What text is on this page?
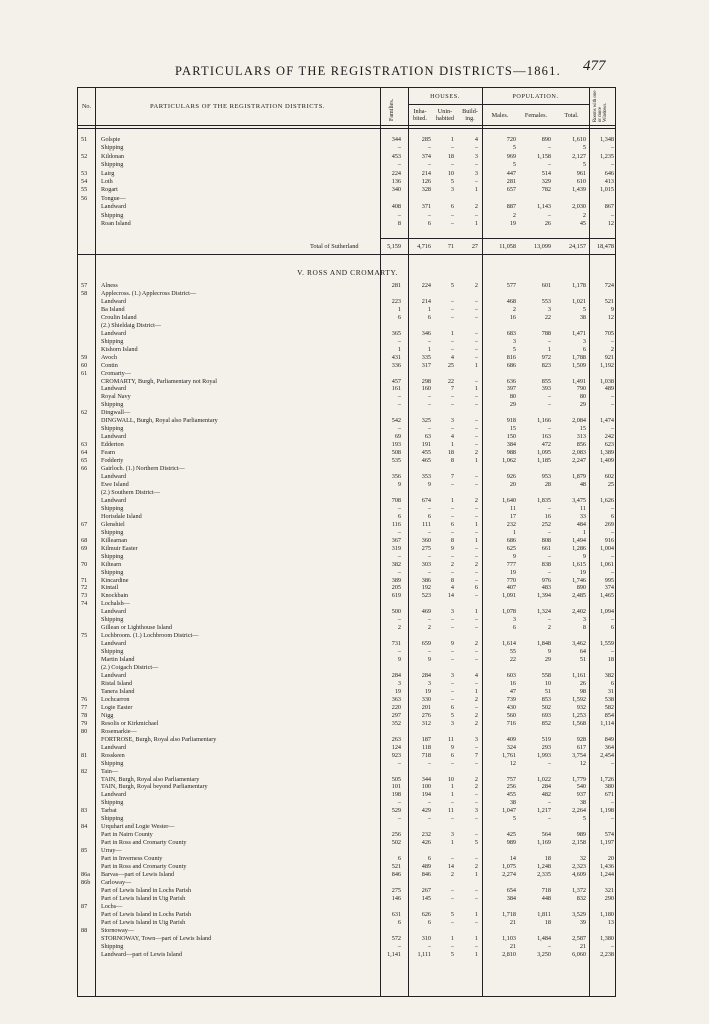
PARTICULARS OF THE REGISTRATION DISTRICTS—1861. 477
No.	PARTICULARS OF THE REGISTRATION DISTRICTS.	Families.
HOUSES.
Inha- bited.
Unin- habited
Build- ing.
POPULATION.
Males.	Females.	Total.	Rooms with one or more Windows.
51 Golspie	344	285	1	4	720	890	1,610 1,348
Shipping	–	–	–	–	5	–	5	–
52 Kildonan	453	374	18	3	969	1,158	2,127 1,235
Shipping	–	–	–	–	5	–	5	–
53 Lairg	224	214	10	3	447	514	961	646
54 Loth	136	126	5	–	281	329	610	413
55 Rogart	340	328	3	1	657	782	1,439 1,015
56 Tongue—
Landward	408	371	6	2	887	1,143	2,030	867
Shipping	–	–	–	–	2	–	2	–
Roan Island	8	6	–	1	19	26	45	12
Total of Sutherland	5,159	4,716	71	27	11,058	13,099	24,157 18,478
V. ROSS AND CROMARTY.
57 Alness	281	224	5	2	577	601	1,178	724
58 Applecross. (1.) Applecross District—
Landward	223	214	–	–	468	553	1,021	521
Ba Island	1	1	–	–	2	3	5	9
Croulin Island	6	6	–	–	16	22	38	12
(2.) Shieldaig District—
Landward	365	346	1	–	683	788	1,471	705
Shipping	–	–	–	–	3	–	3	–
Kishorn Island	1	1	–	–	5	1	6	2
59 Avoch	431	335	4	–	816	972	1,788	921
60 Contin	336	317	25	1	686	823	1,509 1,192
61 Cromarty—
CROMARTY, Burgh, Parliamentary not Royal	457	298	22	–	636	855	1,491 1,038
Landward	161	160	7	1	397	393	790	489
Royal Navy	–	–	–	–	80	–	80	–
Shipping	–	–	–	–	29	–	29	–
62 Dingwall—
DINGWALL, Burgh, Royal also Parliamentary	542	325	3	–	918	1,166	2,084 1,474
Shipping	–	–	–	–	15	–	15	–
Landward	69	63	4	–	150	163	313	242
63 Edderton	193	191	1	–	384	472	856	623
64 Fearn	508	455	18	2	988	1,095	2,083 1,389
65 Fodderty	535	465	8	1	1,062	1,185	2,247 1,409
66 Gairloch. (1.) Northern District—
Landward	356	353	7	–	926	953	1,879	602
Ewe Island	9	9	–	–	20	28	48	25
(2.) Southern District—
Landward	708	674	1	2	1,640	1,835	3,475 1,626
Shipping	–	–	–	–	11	–	11	–
Horisdale Island	6	6	–	–	17	16	33	6
67 Glenshiel	116	111	6	1	232	252	484	269
Shipping	–	–	–	–	1	–	1	–
68 Killearnan	367	360	8	1	686	808	1,494	916
69 Kilmuir Easter	319	275	9	–	625	661	1,286 1,004
Shipping	–	–	–	–	9	–	9	–
70 Kiltearn	382	303	2	2	777	838	1,615 1,061
Shipping	–	–	–	–	19	–	19	–
71 Kincardine	389	386	8	–	770	976	1,746	995
72 Kintail	205	192	4	6	407	483	890	374
73 Knockbain	619	523	14	–	1,091	1,394	2,485 1,465
74 Lochalsh—
Landward	500	469	3	1	1,078	1,324	2,402 1,094
Shipping	–	–	–	–	3	–	3	–
Gillean or Lighthouse Island	2	2	–	–	6	2	8	6
75 Lochbroom. (1.) Lochbroom District—
Landward	731	659	9	2	1,614	1,848	3,462 1,559
Shipping	–	–	–	–	55	9	64	–
Martin Island	9	9	–	–	22	29	51	18
(2.) Coigach District—
Landward	284	284	3	4	603	558	1,161	382
Ristal Island	3	3	–	–	16	10	26	6
Tanera Island	19	19	–	1	47	51	98	31
76 Lochcarron	363	330	–	2	739	853	1,592	538
77 Logie Easter	220	201	6	–	430	502	932	582
78 Nigg	297	276	5	2	560	693	1,253	854
79 Resolis or Kirkmichael	352	312	3	2	716	852	1,568 1,114
80 Rosemarkie—
FORTROSE, Burgh, Royal also Parliamentary	263	187	11	3	409	519	928	849
Landward	124	118	9	–	324	293	617	364
81 Rosskeen	923	718	6	7	1,761	1,993	3,754 2,454
Shipping	–	–	–	–	12	–	12	–
82 Tain—
TAIN, Burgh, Royal also Parliamentary	505	344	10	2	757	1,022	1,779 1,726
TAIN, Burgh, Royal beyond Parliamentary	101	100	1	2	256	284	540	380
Landward	198	194	1	–	455	482	937	671
Shipping	–	–	–	–	38	–	38	–
83 Tarbat	529	429	11	3	1,047	1,217	2,264 1,198
Shipping	–	–	–	–	5	–	5	–
84 Urquhart and Logie Wester—
Part in Nairn County	256	232	3	–	425	564	989	574
Part in Ross and Cromarty County	502	426	1	5	989	1,169	2,158 1,197
85 Urray—
Part in Inverness County	6	6	–	–	14	18	32	20
Part in Ross and Cromarty County	521	489	14	2	1,075	1,248	2,323 1,436
86a Barvas—part of Lewis Island	846	846	2	1	2,274	2,335	4,609 1,244
86b Carloway—
Part of Lewis Island in Lochs Parish	275	267	–	–	654	718	1,372	321
Part of Lewis Island in Uig Parish	146	145	–	–	384	448	832	290
87 Lochs—
Part of Lewis Island in Lochs Parish	631	626	5	1	1,718	1,811	3,529 1,180
Part of Lewis Island in Uig Parish	6	6	–	–	21	18	39	13
88 Stornoway—
STORNOWAY, Town—part of Lewis Island	572	310	1	1	1,103	1,484	2,587 1,380
Shipping	–	–	–	–	21	–	21	–
Landward—part of Lewis Island	1,141	1,111	5	1	2,810	3,250	6,060 2,238
